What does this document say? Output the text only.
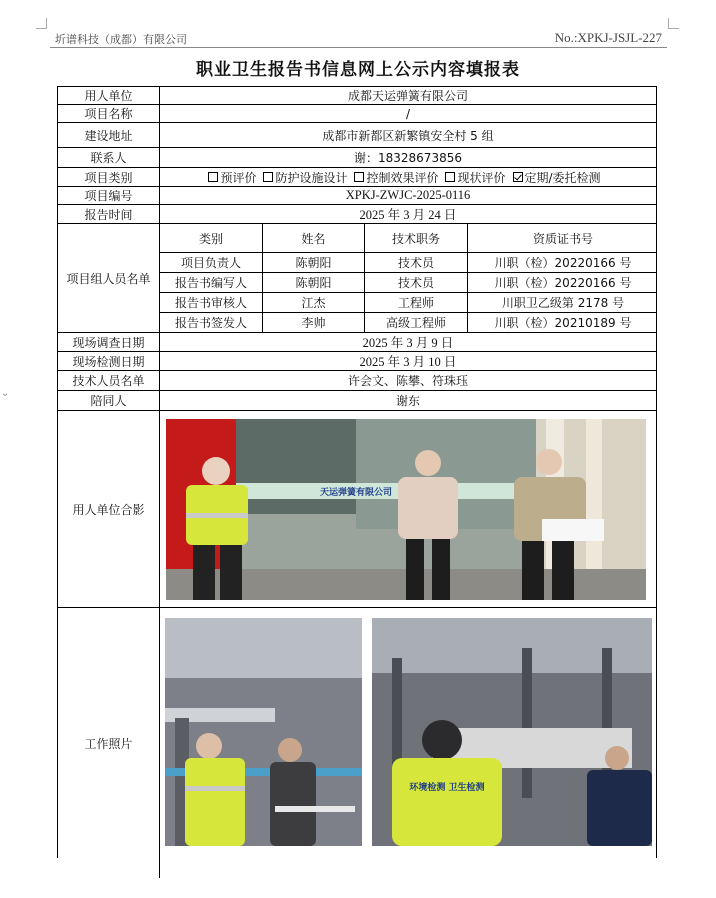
⌄
圻谱科技（成都）有限公司	No.:XPKJ-JSJL-227
职业卫生报告书信息网上公示内容填报表
用人单位	成都天运弹簧有限公司
项目名称	/
建设地址	成都市新都区新繁镇安全村 5 组
联系人	谢：18328673856
项目类别	预评价 防护设施设计 控制效果评价 现状评价 定期/委托检测
项目编号	XPKJ-ZWJC-2025-0116
报告时间	2025 年 3 月 24 日
项目组人员名单
类别	姓名	技术职务	资质证书号
项目负责人	陈朝阳	技术员	川职（检）20220166 号
报告书编写人	陈朝阳	技术员	川职（检）20220166 号
报告书审核人	江杰	工程师	川职卫乙级第 2178 号
报告书签发人	李帅	高级工程师	川职（检）20210189 号
现场调查日期	2025 年 3 月 9 日
现场检测日期	2025 年 3 月 10 日
技术人员名单	许会文、陈攀、符珠珏
陪同人	谢东
用人单位合影
天运弹簧有限公司
工作照片
环境检测 卫生检测
